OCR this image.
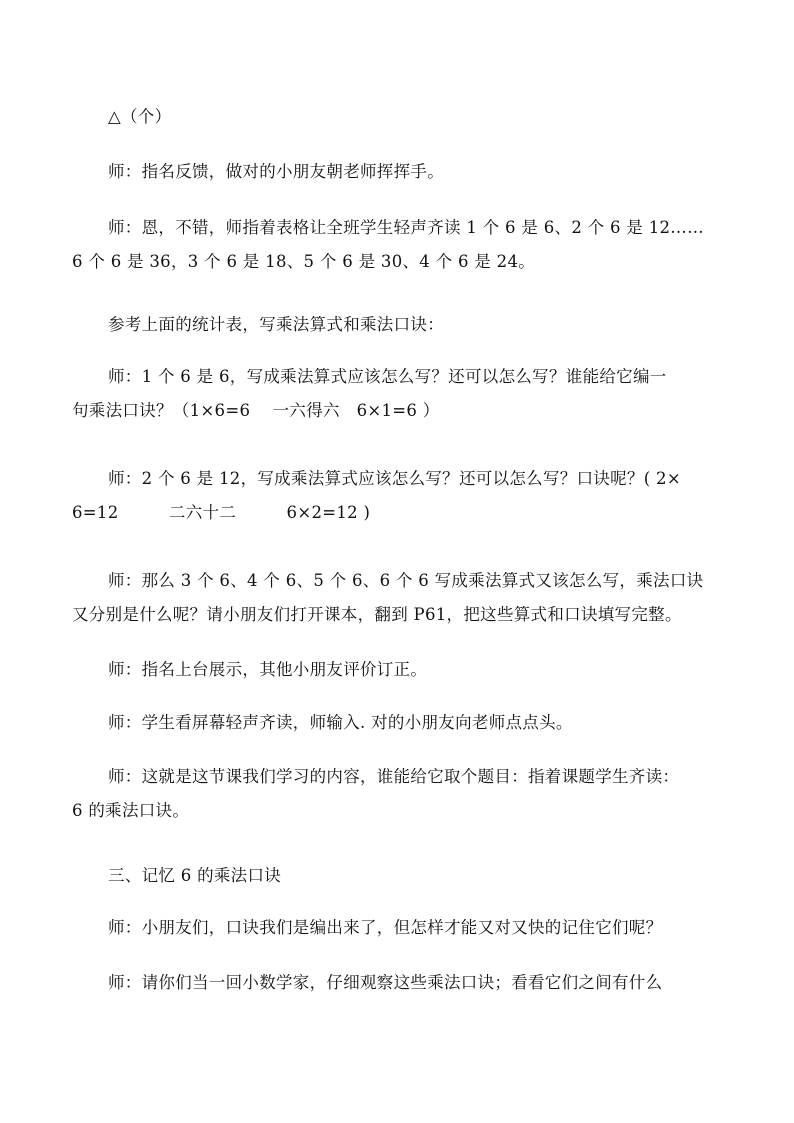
△（个）
师：指名反馈，做对的小朋友朝老师挥挥手。
师：恩，不错，师指着表格让全班学生轻声齐读 1 个 6 是 6、2 个 6 是 12……
6 个 6 是 36，3 个 6 是 18、5 个 6 是 30、4 个 6 是 24。
参考上面的统计表，写乘法算式和乘法口诀：
师：1 个 6 是 6，写成乘法算式应该怎么写？还可以怎么写？谁能给它编一
句乘法口诀？（1×6=6　 一六得六　6×1=6 ）
师：2 个 6 是 12，写成乘法算式应该怎么写？还可以怎么写？口诀呢？( 2×
6=12　　　二六十二　　　6×2=12 )
师：那么 3 个 6、4 个 6、5 个 6、6 个 6 写成乘法算式又该怎么写，乘法口诀
又分别是什么呢？请小朋友们打开课本，翻到 P61，把这些算式和口诀填写完整。
师：指名上台展示，其他小朋友评价订正。
师：学生看屏幕轻声齐读，师输入. 对的小朋友向老师点点头。
师：这就是这节课我们学习的内容，谁能给它取个题目：指着课题学生齐读：
6 的乘法口诀。
三、记忆 6 的乘法口诀
师：小朋友们，口诀我们是编出来了，但怎样才能又对又快的记住它们呢？
师：请你们当一回小数学家，仔细观察这些乘法口诀；看看它们之间有什么
